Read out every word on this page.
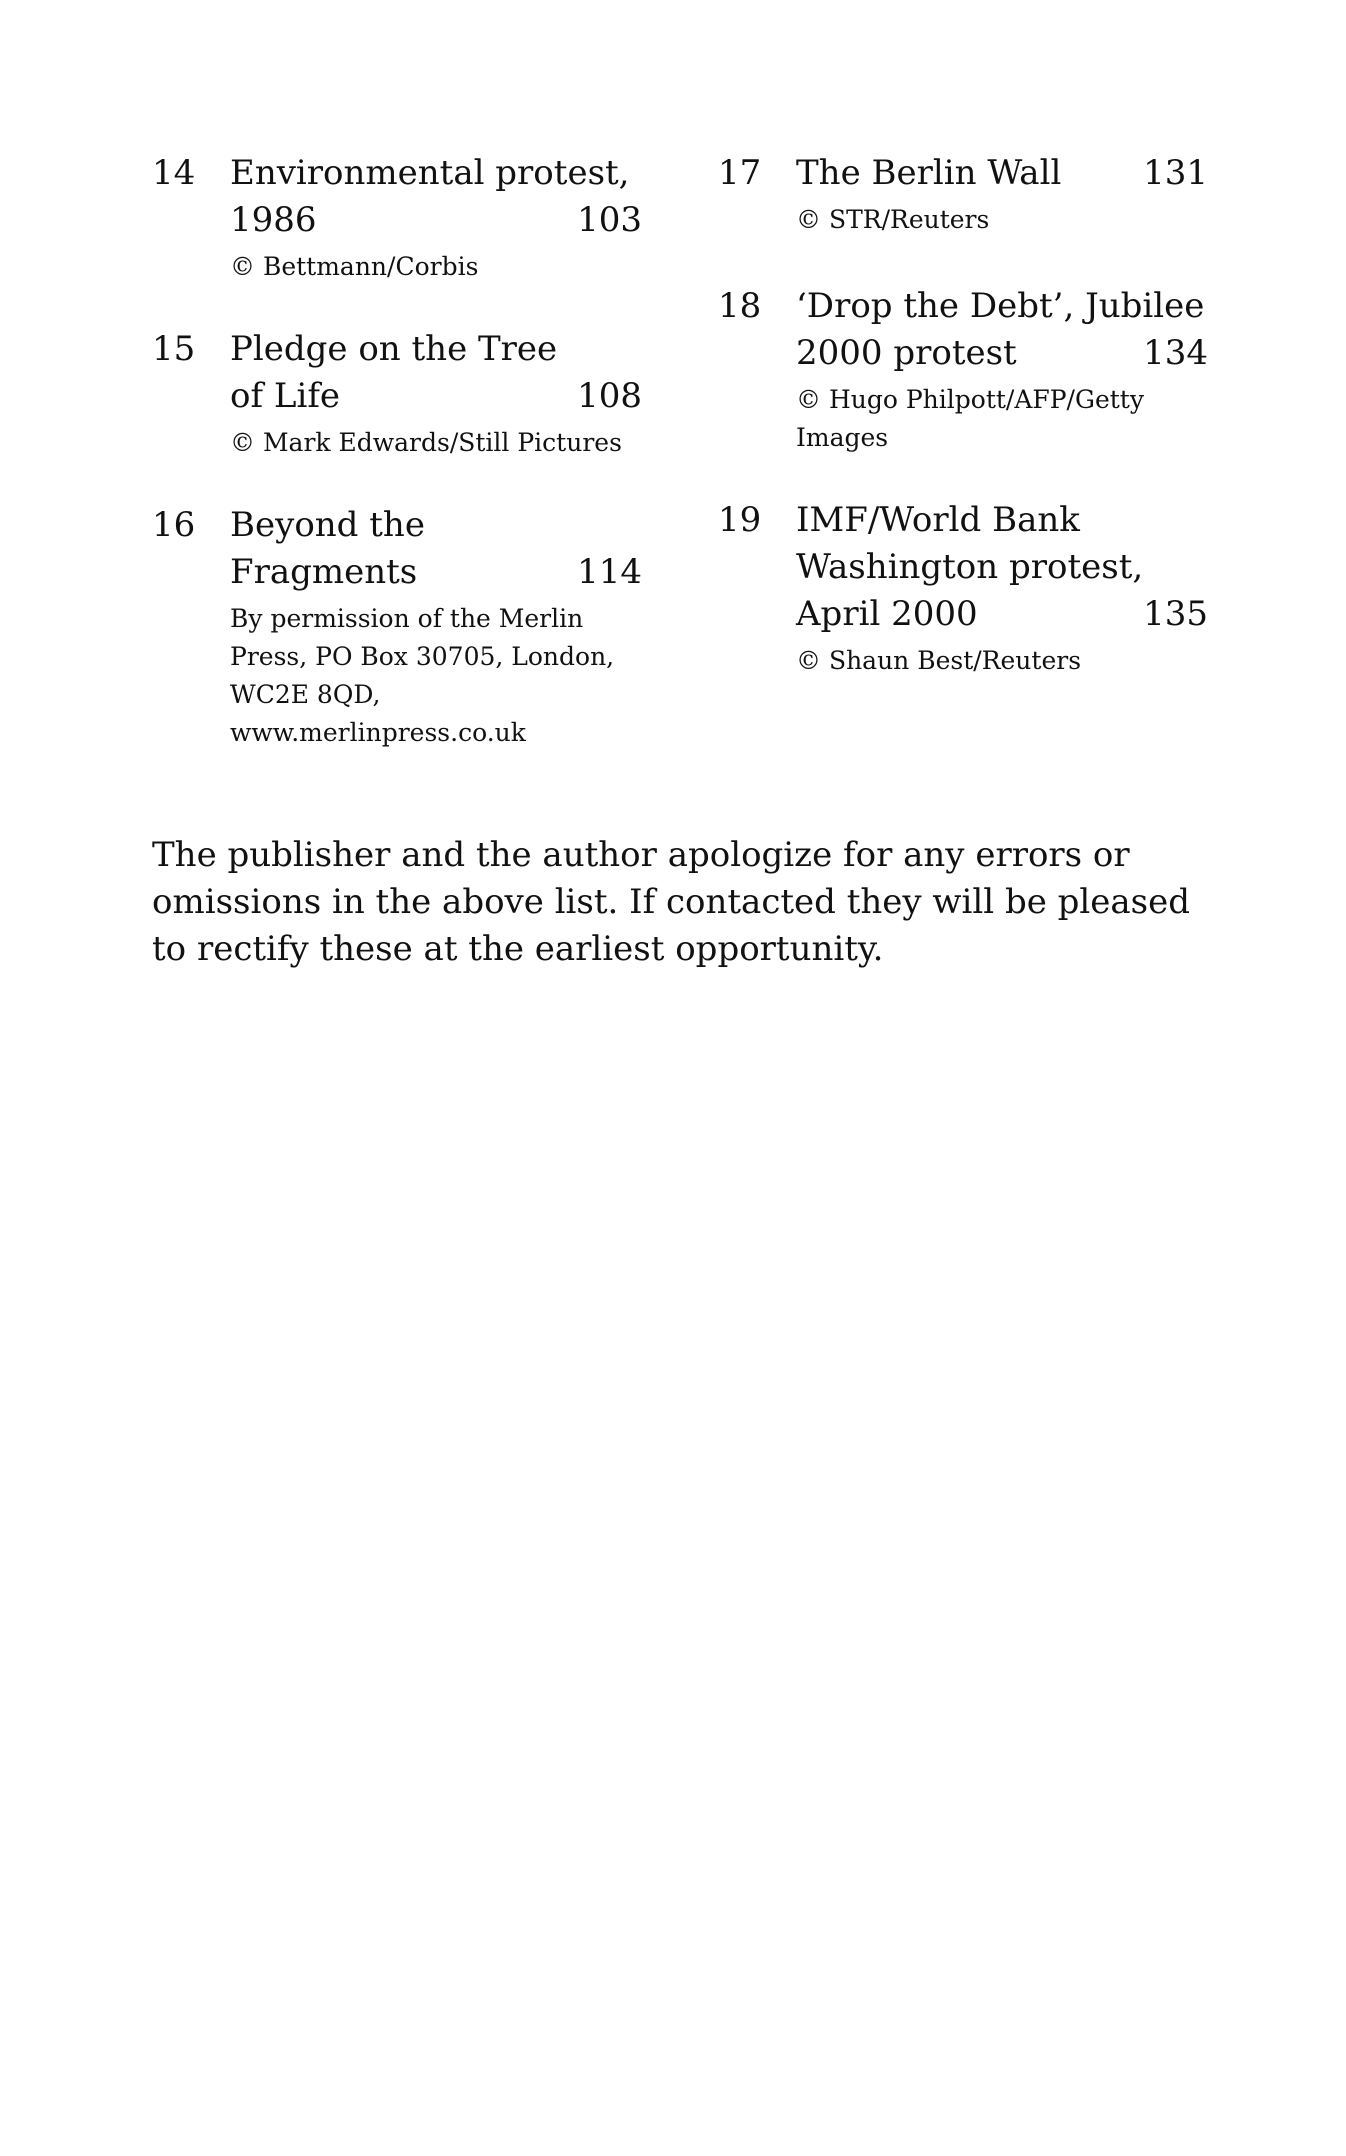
14 Environmental protest,
1986	103
© Bettmann/Corbis
15 Pledge on the Tree
of Life	108
© Mark Edwards/Still Pictures
16 Beyond the
Fragments	114
By permission of the Merlin Press, PO Box 30705, London, WC2E 8QD, www.merlinpress.co.uk
17 The Berlin Wall 131
© STR/Reuters
18 ‘Drop the Debt’, Jubilee
2000 protest	134
© Hugo Philpott/AFP/Getty Images
19 IMF/World Bank
Washington protest,
April 2000	135
© Shaun Best/Reuters

The publisher and the author apologize for any errors or omissions in the above list. If contacted they will be pleased to rectify these at the earliest opportunity.
